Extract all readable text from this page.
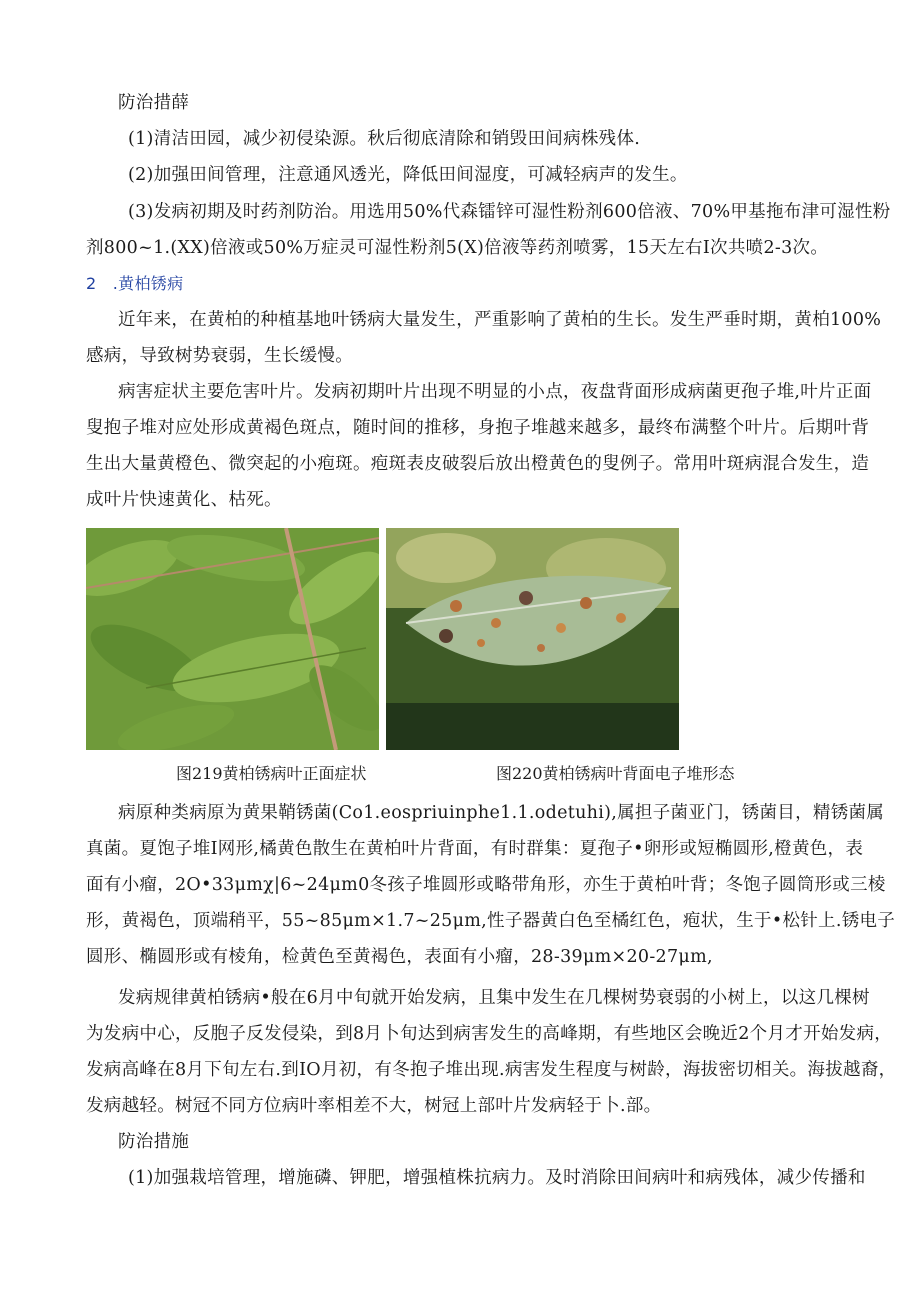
防治措薛
(1)清洁田园，减少初侵染源。秋后彻底清除和销毁田间病株残体.
(2)加强田间管理，注意通风透光，降低田间湿度，可减轻病声的发生。
(3)发病初期及时药剂防治。用选用50%代森镭锌可湿性粉剂600倍液、70%甲基拖布津可湿性粉
剂800~1.(XX)倍液或50%万症灵可湿性粉剂5(X)倍液等药剂喷雾，15天左右I次共喷2-3次。
2　.黄柏锈病
近年来，在黄柏的种植基地叶锈病大量发生，严重影响了黄柏的生长。发生严垂时期，黄柏100%
感病，导致树势衰弱，生长缓慢。
病害症状主要危害叶片。发病初期叶片出现不明显的小点，夜盘背面形成病菌更孢子堆,叶片正面
叟抱子堆对应处形成黄褐色斑点，随时间的推移，身抱子堆越来越多，最终布满整个叶片。后期叶背
生出大量黄橙色、微突起的小疱斑。疱斑表皮破裂后放出橙黄色的叟例子。常用叶斑病混合发生，造
成叶片快速黄化、枯死。
图219黄柏锈病叶正面症状	图220黄柏锈病叶背面电子堆形态
病原种类病原为黄果鞘锈菌(Co1.eospriuinphe1.1.odetuhi),属担子菌亚门，锈菌目，精锈菌属
真菌。夏饱子堆I网形,橘黄色散生在黄柏叶片背面，有时群集：夏孢子•卵形或短椭圆形,橙黄色，表
面有小瘤，2O•33μmχ|6~24μm0冬孩子堆圆形或略带角形，亦生于黄柏叶背；冬饱子圆筒形或三棱
形，黄褐色，顶端稍平，55~85μm×1.7~25μm,性子器黄白色至橘红色，疱状，生于•松针上.锈电子
圆形、椭圆形或有棱角，检黄色至黄褐色，表面有小瘤，28-39μm×20-27μm,
发病规律黄柏锈病•般在6月中旬就开始发病，且集中发生在几棵树势衰弱的小树上，以这几棵树
为发病中心，反胞子反发侵染，到8月卜旬达到病害发生的高峰期，有些地区会晚近2个月才开始发病，
发病高峰在8月下旬左右.到IO月初，有冬抱子堆出现.病害发生程度与树龄，海拔密切相关。海拔越裔，
发病越轻。树冠不同方位病叶率相差不大，树冠上部叶片发病轻于卜.部。
防治措施
(1)加强栽培管理，增施磷、钾肥，增强植株抗病力。及时消除田间病叶和病残体，减少传播和
